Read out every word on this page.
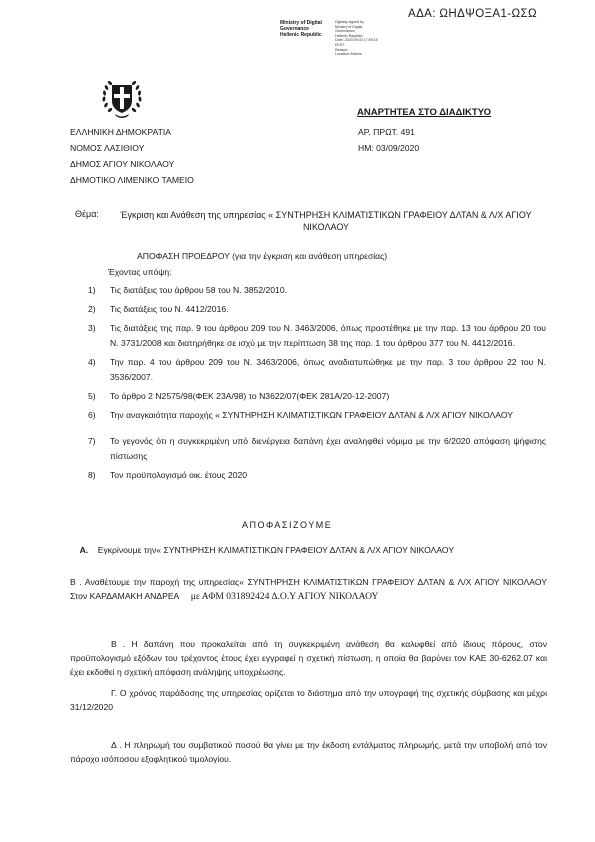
ΑΔΑ: ΩΗΔΨΟΞΑ1-ΩΣΩ
Ministry of Digital
Governance
Hellenic Republic
Digitally signed by
Ministry of Digital
Governance,
Hellenic Republic
Date: 2020.09.03 17:59:18
EEST
Reason:
Location: Athens
ΑΝΑΡΤΗΤΕΑ ΣΤΟ ΔΙΑΔΙΚΤΥΟ
ΕΛΛΗΝΙΚΗ ΔΗΜΟΚΡΑΤΙΑ
ΝΟΜΟΣ ΛΑΣΙΘΙΟΥ
ΔΗΜΟΣ ΑΓΙΟΥ ΝΙΚΟΛΑΟΥ
ΔΗΜΟΤΙΚΟ ΛΙΜΕΝΙΚΟ ΤΑΜΕΙΟ
ΑΡ. ΠΡΩΤ. 491
ΗΜ: 03/09/2020
Θέμα:	Έγκριση και Ανάθεση της υπηρεσίας « ΣΥΝΤΗΡΗΣΗ ΚΛΙΜΑΤΙΣΤΙΚΩΝ ΓΡΑΦΕΙΟΥ ΔΛΤΑΝ & Λ/Χ ΑΓΙΟΥ ΝΙΚΟΛΑΟΥ
ΑΠΟΦΑΣΗ ΠΡΟΕΔΡΟΥ (για την έγκριση και ανάθεση υπηρεσίας)
Έχοντας υπόψη:
1) Τις διατάξεις του άρθρου 58 του Ν. 3852/2010.
2) Τις διατάξεις του Ν. 4412/2016.
3) Τις διατάξεις της παρ. 9 του άρθρου 209 του Ν. 3463/2006, όπως προστέθηκε με την παρ. 13 του άρθρου 20 του Ν. 3731/2008 και διατηρήθηκε σε ισχύ με την περίπτωση 38 της παρ. 1 του άρθρου 377 του Ν. 4412/2016.
4) Την παρ. 4 του άρθρου 209 του Ν. 3463/2006, όπως αναδιατυπώθηκε με την παρ. 3 του άρθρου 22 του Ν. 3536/2007.
5) Το άρθρο 2 Ν2575/98(ΦΕΚ 23Α/98) το Ν3622/07(ΦΕΚ 281Α/20-12-2007)
6) Την αναγκαιότητα παροχής « ΣΥΝΤΗΡΗΣΗ ΚΛΙΜΑΤΙΣΤΙΚΩΝ ΓΡΑΦΕΙΟΥ ΔΛΤΑΝ & Λ/Χ ΑΓΙΟΥ ΝΙΚΟΛΑΟΥ
7) Το γεγονός ότι η συγκεκριμένη υπό διενέργεια δαπάνη έχει αναληφθεί νόμιμα με την 6/2020 απόφαση ψήφισης πίστωσης
8) Τον προϋπολογισμό οικ. έτους 2020
ΑΠΟΦΑΣΙΖΟΥΜΕ
Α. Εγκρίνουμε την« ΣΥΝΤΗΡΗΣΗ ΚΛΙΜΑΤΙΣΤΙΚΩΝ ΓΡΑΦΕΙΟΥ ΔΛΤΑΝ & Λ/Χ ΑΓΙΟΥ ΝΙΚΟΛΑΟΥ
Β . Αναθέτουμε την παροχή της υπηρεσίας« ΣΥΝΤΗΡΗΣΗ ΚΛΙΜΑΤΙΣΤΙΚΩΝ ΓΡΑΦΕΙΟΥ ΔΛΤΑΝ & Λ/Χ ΑΓΙΟΥ ΝΙΚΟΛΑΟΥ Στον ΚΑΡΔΑΜΑΚΗ ΑΝΔΡΕΑ με ΑΦΜ 031892424 Δ.Ο.Υ ΑΓΙΟΥ ΝΙΚΟΛΑΟΥ
Β . Η δαπάνη που προκαλείται από τη συγκεκριμένη ανάθεση θα καλυφθεί από ίδιους πόρους, στον προϋπολογισμό εξόδων του τρέχοντος έτους έχει εγγραφεί η σχετική πίστωση, η οποία θα βαρύνει τον ΚΑΕ 30-6262.07 και έχει εκδοθεί η σχετική απόφαση ανάληψης υποχρέωσης.
Γ. Ο χρόνος παράδοσης της υπηρεσίας ορίζεται το διάστημα από την υπογραφή της σχετικής σύμβασης και μέχρι 31/12/2020
Δ . Η πληρωμή του συμβατικού ποσού θα γίνει με την έκδοση εντάλματος πληρωμής, μετά την υποβολή από τον πάροχο ισόποσου εξοφλητικού τιμολογίου.
